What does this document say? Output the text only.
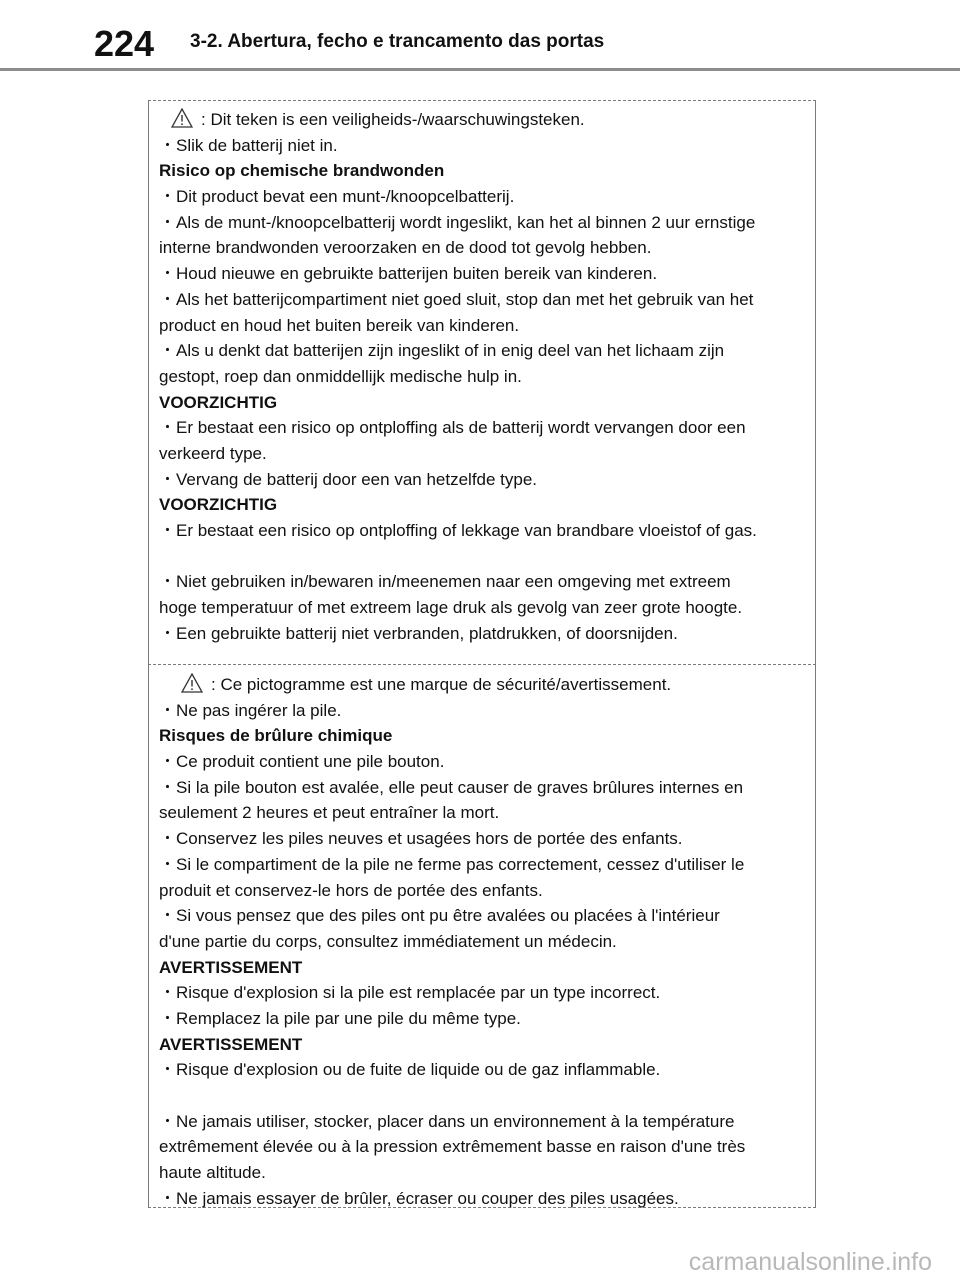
224 3-2. Abertura, fecho e trancamento das portas
: Dit teken is een veiligheids-/waarschuwingsteken.
・Slik de batterij niet in.
Risico op chemische brandwonden
・Dit product bevat een munt-/knoopcelbatterij.
・Als de munt-/knoopcelbatterij wordt ingeslikt, kan het al binnen 2 uur ernstige
interne brandwonden veroorzaken en de dood tot gevolg hebben.
・Houd nieuwe en gebruikte batterijen buiten bereik van kinderen.
・Als het batterijcompartiment niet goed sluit, stop dan met het gebruik van het
product en houd het buiten bereik van kinderen.
・Als u denkt dat batterijen zijn ingeslikt of in enig deel van het lichaam zijn
gestopt, roep dan onmiddellijk medische hulp in.
VOORZICHTIG
・Er bestaat een risico op ontploffing als de batterij wordt vervangen door een
verkeerd type.
・Vervang de batterij door een van hetzelfde type.
VOORZICHTIG
・Er bestaat een risico op ontploffing of lekkage van brandbare vloeistof of gas.
・Niet gebruiken in/bewaren in/meenemen naar een omgeving met extreem
hoge temperatuur of met extreem lage druk als gevolg van zeer grote hoogte.
・Een gebruikte batterij niet verbranden, platdrukken, of doorsnijden.
: Ce pictogramme est une marque de sécurité/avertissement.
・Ne pas ingérer la pile.
Risques de brûlure chimique
・Ce produit contient une pile bouton.
・Si la pile bouton est avalée, elle peut causer de graves brûlures internes en
seulement 2 heures et peut entraîner la mort.
・Conservez les piles neuves et usagées hors de portée des enfants.
・Si le compartiment de la pile ne ferme pas correctement, cessez d'utiliser le
produit et conservez-le hors de portée des enfants.
・Si vous pensez que des piles ont pu être avalées ou placées à l'intérieur
d'une partie du corps, consultez immédiatement un médecin.
AVERTISSEMENT
・Risque d'explosion si la pile est remplacée par un type incorrect.
・Remplacez la pile par une pile du même type.
AVERTISSEMENT
・Risque d'explosion ou de fuite de liquide ou de gaz inflammable.
・Ne jamais utiliser, stocker, placer dans un environnement à la température
extrêmement élevée ou à la pression extrêmement basse en raison d'une très
haute altitude.
・Ne jamais essayer de brûler, écraser ou couper des piles usagées.
carmanualsonline.info
